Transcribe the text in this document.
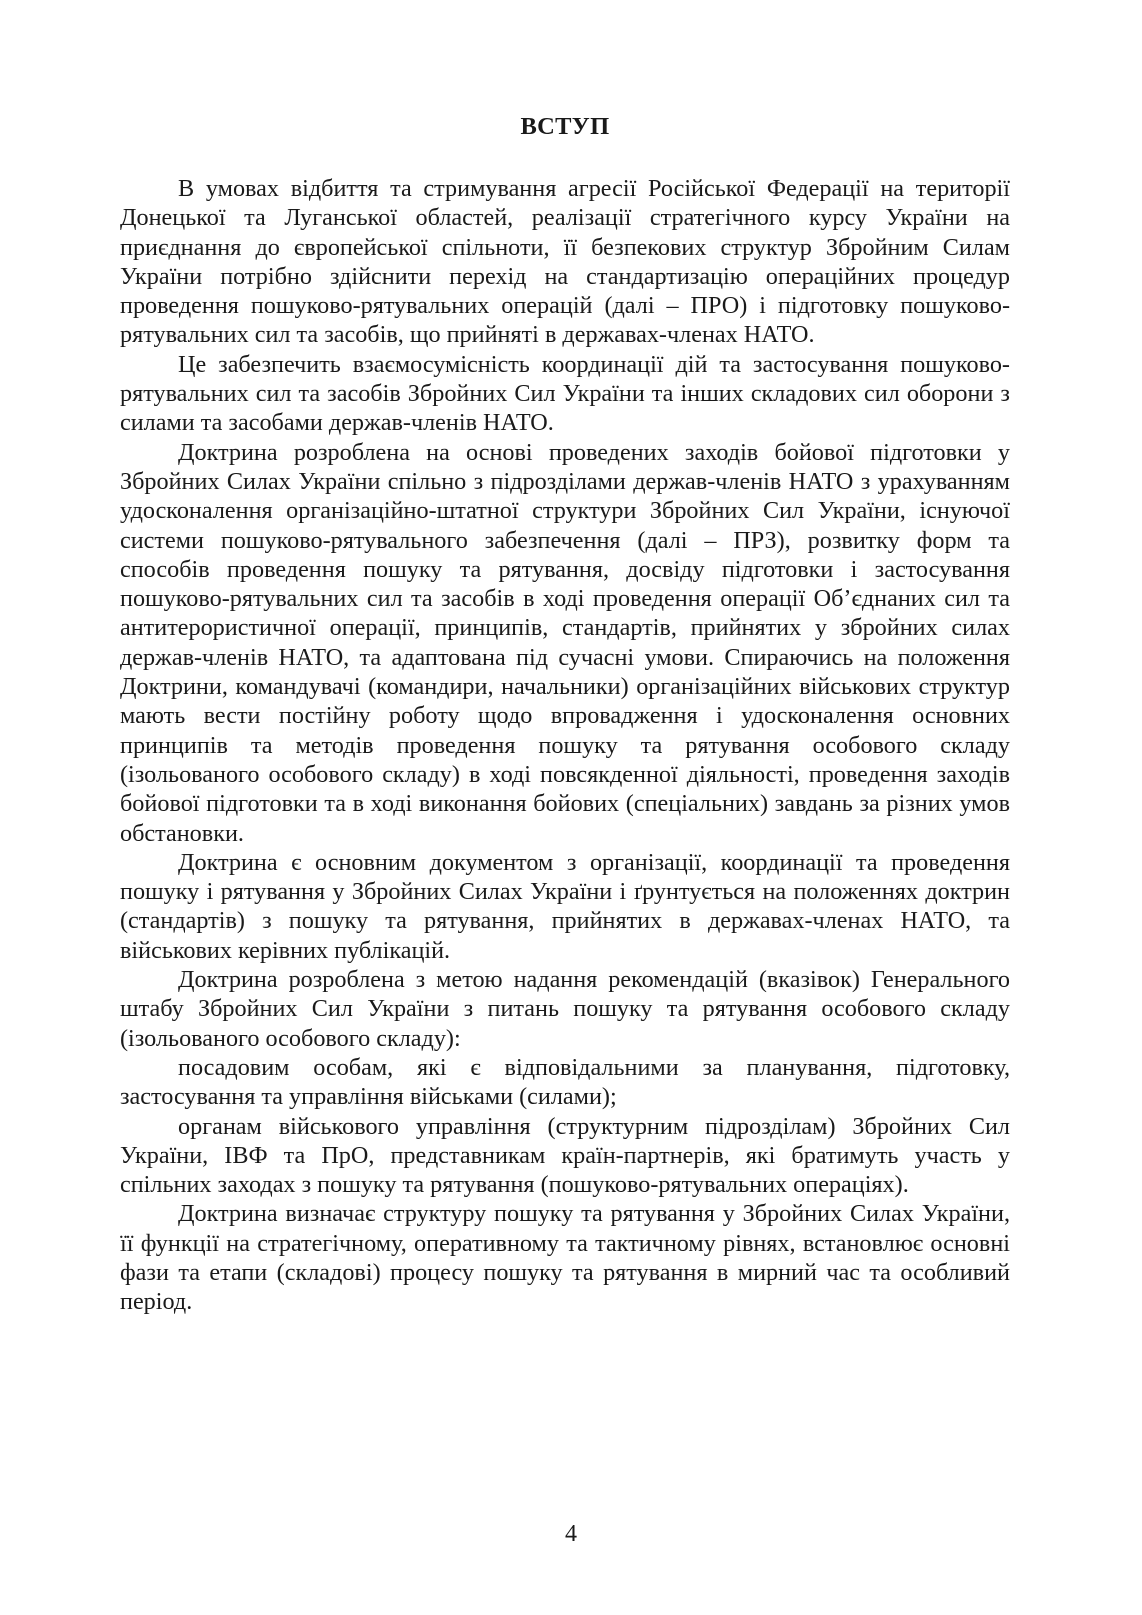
ВСТУП

В умовах відбиття та стримування агресії Російської Федерації на території Донецької та Луганської областей, реалізації стратегічного курсу України на приєднання до європейської спільноти, її безпекових структур Збройним Силам України потрібно здійснити перехід на стандартизацію операційних процедур проведення пошуково-рятувальних операцій (далі – ПРО) і підготовку пошуково-рятувальних сил та засобів, що прийняті в державах-членах НАТО.

Це забезпечить взаємосумісність координації дій та застосування пошуково-рятувальних сил та засобів Збройних Сил України та інших складових сил оборони з силами та засобами держав-членів НАТО.

Доктрина розроблена на основі проведених заходів бойової підготовки у Збройних Силах України спільно з підрозділами держав-членів НАТО з урахуванням удосконалення організаційно-штатної структури Збройних Сил України, існуючої системи пошуково-рятувального забезпечення (далі – ПРЗ), розвитку форм та способів проведення пошуку та рятування, досвіду підготовки і застосування пошуково-рятувальних сил та засобів в ході проведення операції Об’єднаних сил та антитерористичної операції, принципів, стандартів, прийнятих у збройних силах держав-членів НАТО, та адаптована під сучасні умови. Спираючись на положення Доктрини, командувачі (командири, начальники) організаційних військових структур мають вести постійну роботу щодо впровадження і удосконалення основних принципів та методів проведення пошуку та рятування особового складу (ізольованого особового складу) в ході повсякденної діяльності, проведення заходів бойової підготовки та в ході виконання бойових (спеціальних) завдань за різних умов обстановки.

Доктрина є основним документом з організації, координації та проведення пошуку і рятування у Збройних Силах України і ґрунтується на положеннях доктрин (стандартів) з пошуку та рятування, прийнятих в державах-членах НАТО, та військових керівних публікацій.

Доктрина розроблена з метою надання рекомендацій (вказівок) Генерального штабу Збройних Сил України з питань пошуку та рятування особового складу (ізольованого особового складу):

посадовим особам, які є відповідальними за планування, підготовку, застосування та управління військами (силами);

органам військового управління (структурним підрозділам) Збройних Сил України, ІВФ та ПрО, представникам країн-партнерів, які братимуть участь у спільних заходах з пошуку та рятування (пошуково-рятувальних операціях).

Доктрина визначає структуру пошуку та рятування у Збройних Силах України, її функції на стратегічному, оперативному та тактичному рівнях, встановлює основні фази та етапи (складові) процесу пошуку та рятування в мирний час та особливий період.

4
